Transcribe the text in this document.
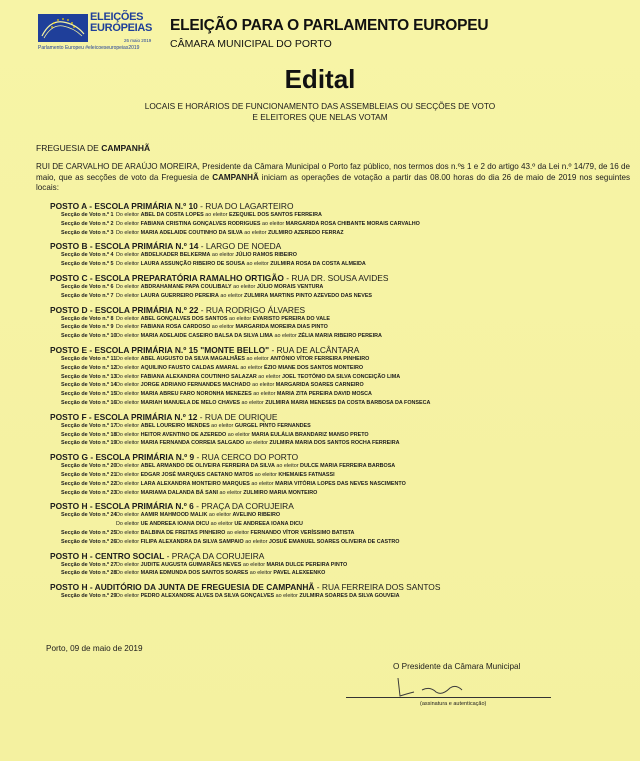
ELEIÇÕES
EUROPEIAS
26 maio 2019
Parlamento Europeu #eleicoeseuropeias2019
ELEIÇÃO PARA O PARLAMENTO EUROPEU
CÂMARA MUNICIPAL DO PORTO
Edital
LOCAIS E HORÁRIOS DE FUNCIONAMENTO DAS ASSEMBLEIAS OU SECÇÕES DE VOTO
E ELEITORES QUE NELAS VOTAM
FREGUESIA DE CAMPANHÃ
RUI DE CARVALHO DE ARAÚJO MOREIRA, Presidente da Câmara Municipal o Porto faz público, nos termos dos n.ºs 1 e 2 do artigo 43.º da Lei n.º 14/79, de 16 de maio, que as secções de voto da Freguesia de CAMPANHÃ iniciam as operações de votação a partir das 08.00 horas do dia 26 de maio de 2019 nos seguintes locais:
POSTO A - ESCOLA PRIMÁRIA N.º 10 - RUA DO LAGARTEIRO
Secção de Voto n.º 1 Do eleitor ABEL DA COSTA LOPES ao eleitor EZEQUIEL DOS SANTOS FERREIRA
Secção de Voto n.º 2 Do eleitor FABIANA CRISTINA GONÇALVES RODRIGUES ao eleitor MARGARIDA ROSA CHIBANTE MORAIS CARVALHO
Secção de Voto n.º 3 Do eleitor MARIA ADELAIDE COUTINHO DA SILVA ao eleitor ZULMIRO AZEREDO FERRAZ
POSTO B - ESCOLA PRIMÁRIA N.º 14 - LARGO DE NOEDA
Secção de Voto n.º 4 Do eleitor ABDELKADER BELKERMA ao eleitor JÚLIO RAMOS RIBEIRO
Secção de Voto n.º 5 Do eleitor LAURA ASSUNÇÃO RIBEIRO DE SOUSA ao eleitor ZULMIRA ROSA DA COSTA ALMEIDA
POSTO C - ESCOLA PREPARATÓRIA RAMALHO ORTIGÃO - RUA DR. SOUSA AVIDES
Secção de Voto n.º 6 Do eleitor ABDRAHAMANE PAPA COULIBALY ao eleitor JÚLIO MORAIS VENTURA
Secção de Voto n.º 7 Do eleitor LAURA GUERREIRO PEREIRA ao eleitor ZULMIRA MARTINS PINTO AZEVEDO DAS NEVES
POSTO D - ESCOLA PRIMÁRIA N.º 22 - RUA RODRIGO ÁLVARES
Secção de Voto n.º 8 Do eleitor ABEL GONÇALVES DOS SANTOS ao eleitor EVARISTO PEREIRA DO VALE
Secção de Voto n.º 9 Do eleitor FABIANA ROSA CARDOSO ao eleitor MARGARIDA MOREIRA DIAS PINTO
Secção de Voto n.º 10Do eleitor MARIA ADELAIDE CASEIRO BALSA DA SILVA LIMA ao eleitor ZÉLIA MARIA RIBEIRO PEREIRA
POSTO E - ESCOLA PRIMÁRIA N.º 15 "MONTE BELLO" - RUA DE ALCÂNTARA
Secção de Voto n.º 11Do eleitor ABEL AUGUSTO DA SILVA MAGALHÃES ao eleitor ANTÓNIO VÍTOR FERREIRA PINHEIRO
Secção de Voto n.º 12Do eleitor AQUILINO FAUSTO CALDAS AMARAL ao eleitor ÉZIO MIANE DOS SANTOS MONTEIRO
Secção de Voto n.º 13Do eleitor FABIANA ALEXANDRA COUTINHO SALAZAR ao eleitor JOEL TEOTÓNIO DA SILVA CONCEIÇÃO LIMA
Secção de Voto n.º 14Do eleitor JORGE ADRIANO FERNANDES MACHADO ao eleitor MARGARIDA SOARES CARNEIRO
Secção de Voto n.º 15Do eleitor MARIA ABREU FARO NORONHA MENEZES ao eleitor MARIA ZITA PEREIRA DAVID MOSCA
Secção de Voto n.º 16Do eleitor MARIAH MANUELA DE MELO CHAVES ao eleitor ZULMIRA MARIA MENESES DA COSTA BARBOSA DA FONSECA
POSTO F - ESCOLA PRIMÁRIA N.º 12 - RUA DE OURIQUE
Secção de Voto n.º 17Do eleitor ABEL LOUREIRO MENDES ao eleitor GURGEL PINTO FERNANDES
Secção de Voto n.º 18Do eleitor HEITOR AVENTINO DE AZEREDO ao eleitor MARIA EULÁLIA BRANDARIZ MANSO PRETO
Secção de Voto n.º 19Do eleitor MARIA FERNANDA CORREIA SALGADO ao eleitor ZULMIRA MARIA DOS SANTOS ROCHA FERREIRA
POSTO G - ESCOLA PRIMÁRIA N.º 9 - RUA CERCO DO PORTO
Secção de Voto n.º 20Do eleitor ABEL ARMANDO DE OLIVEIRA FERREIRA DA SILVA ao eleitor DULCE MARIA FERREIRA BARBOSA
Secção de Voto n.º 21Do eleitor EDGAR JOSÉ MARQUES CAETANO MATOS ao eleitor KHEMAIES FATNASSI
Secção de Voto n.º 22Do eleitor LARA ALEXANDRA MONTEIRO MARQUES ao eleitor MARIA VITÓRIA LOPES DAS NEVES NASCIMENTO
Secção de Voto n.º 23Do eleitor MARIAMA DALANDA BÁ SANI ao eleitor ZULMIRO MARIA MONTEIRO
POSTO H - ESCOLA PRIMÁRIA N.º 6 - PRAÇA DA CORUJEIRA
Secção de Voto n.º 24Do eleitor AAMIR MAHMOOD MALIK ao eleitor AVELINO RIBEIRO
Do eleitor UE ANDREEA IOANA DICU ao eleitor UE ANDREEA IOANA DICU
Secção de Voto n.º 25Do eleitor BALBINA DE FREITAS PINHEIRO ao eleitor FERNANDO VÍTOR VERÍSSIMO BATISTA
Secção de Voto n.º 26Do eleitor FILIPA ALEXANDRA DA SILVA SAMPAIO ao eleitor JOSUÉ EMANUEL SOARES OLIVEIRA DE CASTRO
POSTO H - CENTRO SOCIAL - PRAÇA DA CORUJEIRA
Secção de Voto n.º 27Do eleitor JUDITE AUGUSTA GUIMARÃES NEVES ao eleitor MARIA DULCE PEREIRA PINTO
Secção de Voto n.º 28Do eleitor MARIA EDMUNDA DOS SANTOS SOARES ao eleitor PAVEL ALEXEENKO
POSTO H - AUDITÓRIO DA JUNTA DE FREGUESIA DE CAMPANHÃ - RUA FERREIRA DOS SANTOS
Secção de Voto n.º 29Do eleitor PEDRO ALEXANDRE ALVES DA SILVA GONÇALVES ao eleitor ZULMIRA SOARES DA SILVA GOUVEIA
Porto, 09 de maio de 2019
O Presidente da Câmara Municipal
(assinatura e autenticação)
